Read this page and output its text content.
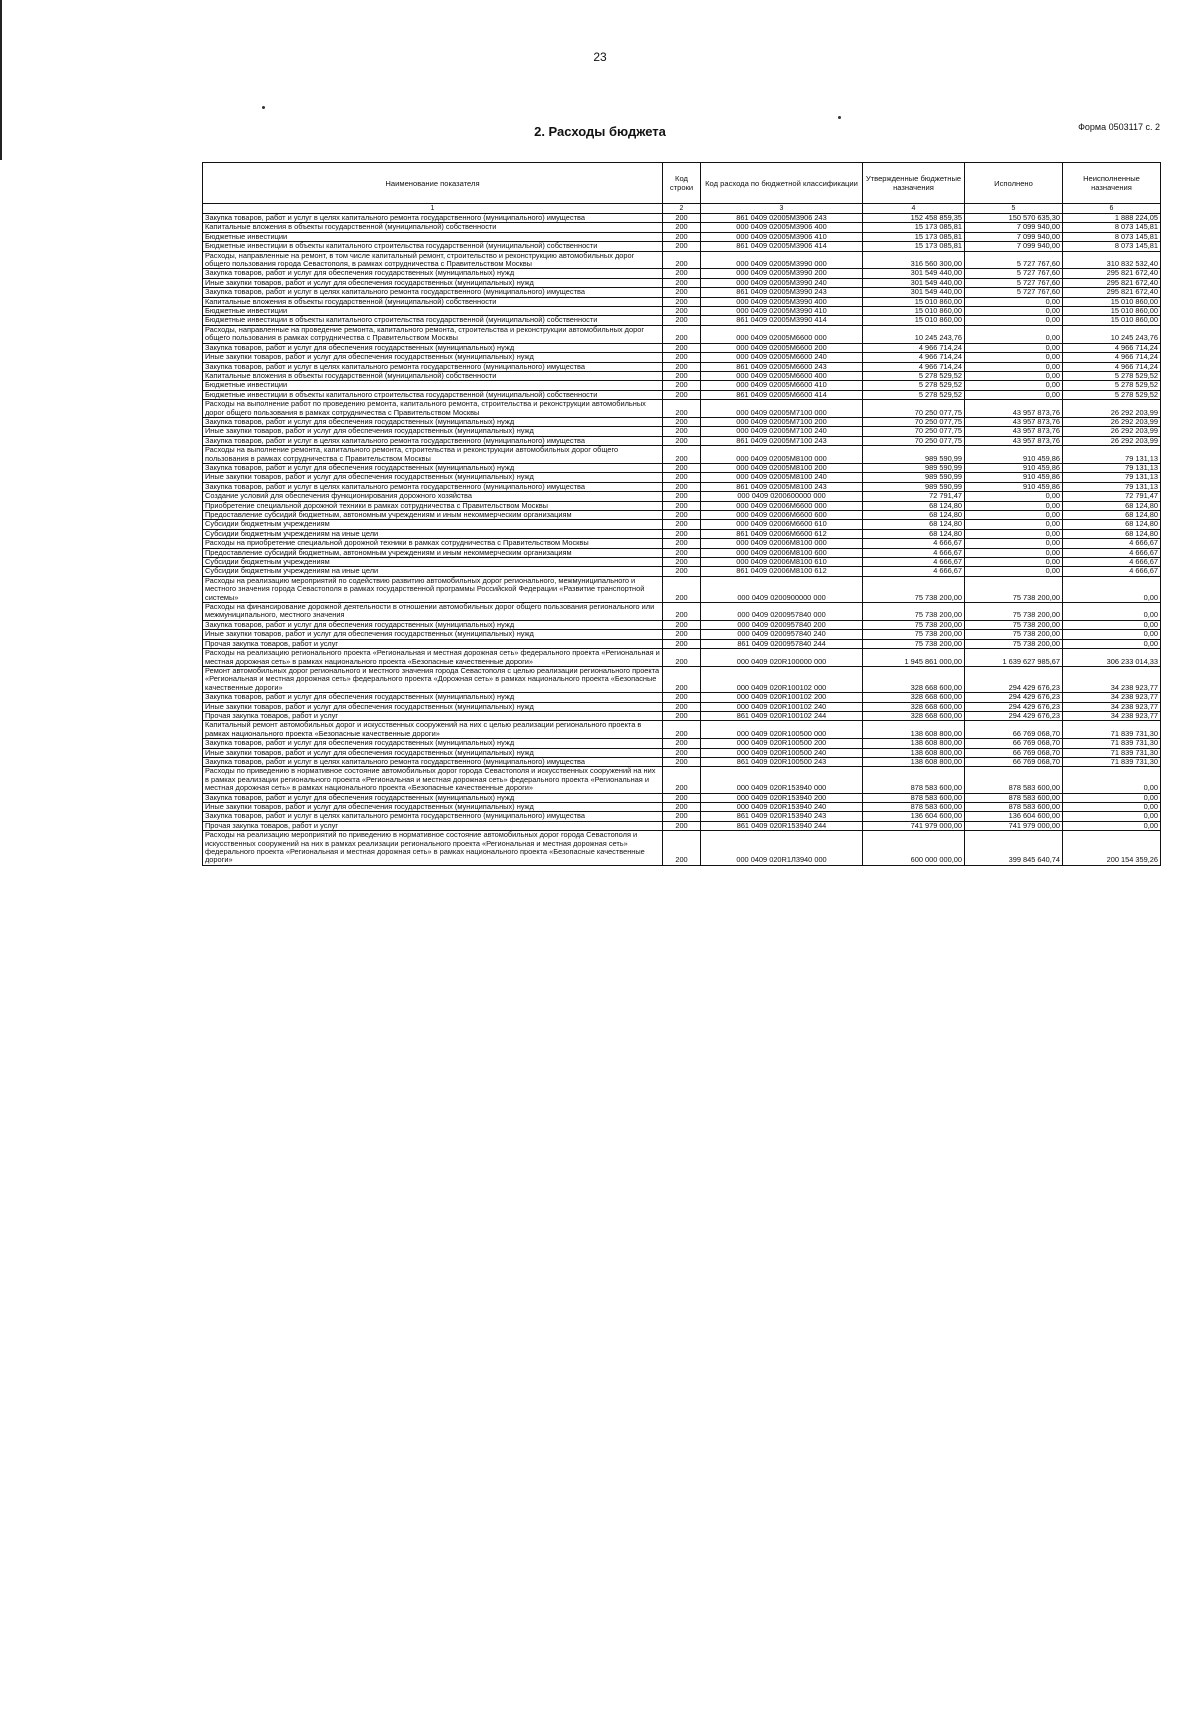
23
Форма 0503117 с. 2
2. Расходы бюджета
Наименование показателя	Код строки	Код расхода по бюджетной классификации	Утвержденные бюджетные назначения	Исполнено	Неисполненные назначения
1	2	3	4	5	6
Закупка товаров, работ и услуг в целях капитального ремонта государственного (муниципального) имущества	200	861 0409 02005M3906 243	152 458 859,35	150 570 635,30	1 888 224,05
Капитальные вложения в объекты государственной (муниципальной) собственности	200	000 0409 02005M3906 400	15 173 085,81	7 099 940,00	8 073 145,81
Бюджетные инвестиции	200	000 0409 02005M3906 410	15 173 085,81	7 099 940,00	8 073 145,81
Бюджетные инвестиции в объекты капитального строительства государственной (муниципальной) собственности	200	861 0409 02005M3906 414	15 173 085,81	7 099 940,00	8 073 145,81
Расходы, направленные на ремонт, в том числе капитальный ремонт, строительство и реконструкцию автомобильных дорог общего пользования города Севастополя, в рамках сотрудничества с Правительством Москвы	200	000 0409 02005M3990 000	316 560 300,00	5 727 767,60	310 832 532,40
Закупка товаров, работ и услуг для обеспечения государственных (муниципальных) нужд	200	000 0409 02005M3990 200	301 549 440,00	5 727 767,60	295 821 672,40
Иные закупки товаров, работ и услуг для обеспечения государственных (муниципальных) нужд	200	000 0409 02005M3990 240	301 549 440,00	5 727 767,60	295 821 672,40
Закупка товаров, работ и услуг в целях капитального ремонта государственного (муниципального) имущества	200	861 0409 02005M3990 243	301 549 440,00	5 727 767,60	295 821 672,40
Капитальные вложения в объекты государственной (муниципальной) собственности	200	000 0409 02005M3990 400	15 010 860,00	0,00	15 010 860,00
Бюджетные инвестиции	200	000 0409 02005M3990 410	15 010 860,00	0,00	15 010 860,00
Бюджетные инвестиции в объекты капитального строительства государственной (муниципальной) собственности	200	861 0409 02005M3990 414	15 010 860,00	0,00	15 010 860,00
Расходы, направленные на проведение ремонта, капитального ремонта, строительства и реконструкции автомобильных дорог общего пользования в рамках сотрудничества с Правительством Москвы	200	000 0409 02005M6600 000	10 245 243,76	0,00	10 245 243,76
Закупка товаров, работ и услуг для обеспечения государственных (муниципальных) нужд	200	000 0409 02005M6600 200	4 966 714,24	0,00	4 966 714,24
Иные закупки товаров, работ и услуг для обеспечения государственных (муниципальных) нужд	200	000 0409 02005M6600 240	4 966 714,24	0,00	4 966 714,24
Закупка товаров, работ и услуг в целях капитального ремонта государственного (муниципального) имущества	200	861 0409 02005M6600 243	4 966 714,24	0,00	4 966 714,24
Капитальные вложения в объекты государственной (муниципальной) собственности	200	000 0409 02005M6600 400	5 278 529,52	0,00	5 278 529,52
Бюджетные инвестиции	200	000 0409 02005M6600 410	5 278 529,52	0,00	5 278 529,52
Бюджетные инвестиции в объекты капитального строительства государственной (муниципальной) собственности	200	861 0409 02005M6600 414	5 278 529,52	0,00	5 278 529,52
Расходы на выполнение работ по проведению ремонта, капитального ремонта, строительства и реконструкции автомобильных дорог общего пользования в рамках сотрудничества с Правительством Москвы	200	000 0409 02005M7100 000	70 250 077,75	43 957 873,76	26 292 203,99
Закупка товаров, работ и услуг для обеспечения государственных (муниципальных) нужд	200	000 0409 02005M7100 200	70 250 077,75	43 957 873,76	26 292 203,99
Иные закупки товаров, работ и услуг для обеспечения государственных (муниципальных) нужд	200	000 0409 02005M7100 240	70 250 077,75	43 957 873,76	26 292 203,99
Закупка товаров, работ и услуг в целях капитального ремонта государственного (муниципального) имущества	200	861 0409 02005M7100 243	70 250 077,75	43 957 873,76	26 292 203,99
Расходы на выполнение ремонта, капитального ремонта, строительства и реконструкции автомобильных дорог общего пользования в рамках сотрудничества с Правительством Москвы	200	000 0409 02005M8100 000	989 590,99	910 459,86	79 131,13
Закупка товаров, работ и услуг для обеспечения государственных (муниципальных) нужд	200	000 0409 02005M8100 200	989 590,99	910 459,86	79 131,13
Иные закупки товаров, работ и услуг для обеспечения государственных (муниципальных) нужд	200	000 0409 02005M8100 240	989 590,99	910 459,86	79 131,13
Закупка товаров, работ и услуг в целях капитального ремонта государственного (муниципального) имущества	200	861 0409 02005M8100 243	989 590,99	910 459,86	79 131,13
Создание условий для обеспечения функционирования дорожного хозяйства	200	000 0409 0200600000 000	72 791,47	0,00	72 791,47
Приобретение специальной дорожной техники в рамках сотрудничества с Правительством Москвы	200	000 0409 02006M6600 000	68 124,80	0,00	68 124,80
Предоставление субсидий бюджетным, автономным учреждениям и иным некоммерческим организациям	200	000 0409 02006M6600 600	68 124,80	0,00	68 124,80
Субсидии бюджетным учреждениям	200	000 0409 02006M6600 610	68 124,80	0,00	68 124,80
Субсидии бюджетным учреждениям на иные цели	200	861 0409 02006M6600 612	68 124,80	0,00	68 124,80
Расходы на приобретение специальной дорожной техники в рамках сотрудничества с Правительством Москвы	200	000 0409 02006M8100 000	4 666,67	0,00	4 666,67
Предоставление субсидий бюджетным, автономным учреждениям и иным некоммерческим организациям	200	000 0409 02006M8100 600	4 666,67	0,00	4 666,67
Субсидии бюджетным учреждениям	200	000 0409 02006M8100 610	4 666,67	0,00	4 666,67
Субсидии бюджетным учреждениям на иные цели	200	861 0409 02006M8100 612	4 666,67	0,00	4 666,67
Расходы на реализацию мероприятий по содействию развитию автомобильных дорог регионального, межмуниципального и местного значения города Севастополя в рамках государственной программы Российской Федерации «Развитие транспортной системы»	200	000 0409 0200900000 000	75 738 200,00	75 738 200,00	0,00
Расходы на финансирование дорожной деятельности в отношении автомобильных дорог общего пользования регионального или межмуниципального, местного значения	200	000 0409 0200957840 000	75 738 200,00	75 738 200,00	0,00
Закупка товаров, работ и услуг для обеспечения государственных (муниципальных) нужд	200	000 0409 0200957840 200	75 738 200,00	75 738 200,00	0,00
Иные закупки товаров, работ и услуг для обеспечения государственных (муниципальных) нужд	200	000 0409 0200957840 240	75 738 200,00	75 738 200,00	0,00
Прочая закупка товаров, работ и услуг	200	861 0409 0200957840 244	75 738 200,00	75 738 200,00	0,00
Расходы на реализацию регионального проекта «Региональная и местная дорожная сеть» федерального проекта «Региональная и местная дорожная сеть» в рамках национального проекта «Безопасные качественные дороги»	200	000 0409 020R100000 000	1 945 861 000,00	1 639 627 985,67	306 233 014,33
Ремонт автомобильных дорог регионального и местного значения города Севастополя с целью реализации регионального проекта «Региональная и местная дорожная сеть» федерального проекта «Дорожная сеть» в рамках национального проекта «Безопасные качественные дороги»	200	000 0409 020R100102 000	328 668 600,00	294 429 676,23	34 238 923,77
Закупка товаров, работ и услуг для обеспечения государственных (муниципальных) нужд	200	000 0409 020R100102 200	328 668 600,00	294 429 676,23	34 238 923,77
Иные закупки товаров, работ и услуг для обеспечения государственных (муниципальных) нужд	200	000 0409 020R100102 240	328 668 600,00	294 429 676,23	34 238 923,77
Прочая закупка товаров, работ и услуг	200	861 0409 020R100102 244	328 668 600,00	294 429 676,23	34 238 923,77
Капитальный ремонт автомобильных дорог и искусственных сооружений на них с целью реализации регионального проекта в рамках национального проекта «Безопасные качественные дороги»	200	000 0409 020R100500 000	138 608 800,00	66 769 068,70	71 839 731,30
Закупка товаров, работ и услуг для обеспечения государственных (муниципальных) нужд	200	000 0409 020R100500 200	138 608 800,00	66 769 068,70	71 839 731,30
Иные закупки товаров, работ и услуг для обеспечения государственных (муниципальных) нужд	200	000 0409 020R100500 240	138 608 800,00	66 769 068,70	71 839 731,30
Закупка товаров, работ и услуг в целях капитального ремонта государственного (муниципального) имущества	200	861 0409 020R100500 243	138 608 800,00	66 769 068,70	71 839 731,30
Расходы по приведению в нормативное состояние автомобильных дорог города Севастополя и искусственных сооружений на них в рамках реализации регионального проекта «Региональная и местная дорожная сеть» федерального проекта «Региональная и местная дорожная сеть» в рамках национального проекта «Безопасные качественные дороги»	200	000 0409 020R153940 000	878 583 600,00	878 583 600,00	0,00
Закупка товаров, работ и услуг для обеспечения государственных (муниципальных) нужд	200	000 0409 020R153940 200	878 583 600,00	878 583 600,00	0,00
Иные закупки товаров, работ и услуг для обеспечения государственных (муниципальных) нужд	200	000 0409 020R153940 240	878 583 600,00	878 583 600,00	0,00
Закупка товаров, работ и услуг в целях капитального ремонта государственного (муниципального) имущества	200	861 0409 020R153940 243	136 604 600,00	136 604 600,00	0,00
Прочая закупка товаров, работ и услуг	200	861 0409 020R153940 244	741 979 000,00	741 979 000,00	0,00
Расходы на реализацию мероприятий по приведению в нормативное состояние автомобильных дорог города Севастополя и искусственных сооружений на них в рамках реализации регионального проекта «Региональная и местная дорожная сеть» федерального проекта «Региональная и местная дорожная сеть» в рамках национального проекта «Безопасные качественные дороги»	200	000 0409 020R1Л3940 000	600 000 000,00	399 845 640,74	200 154 359,26
